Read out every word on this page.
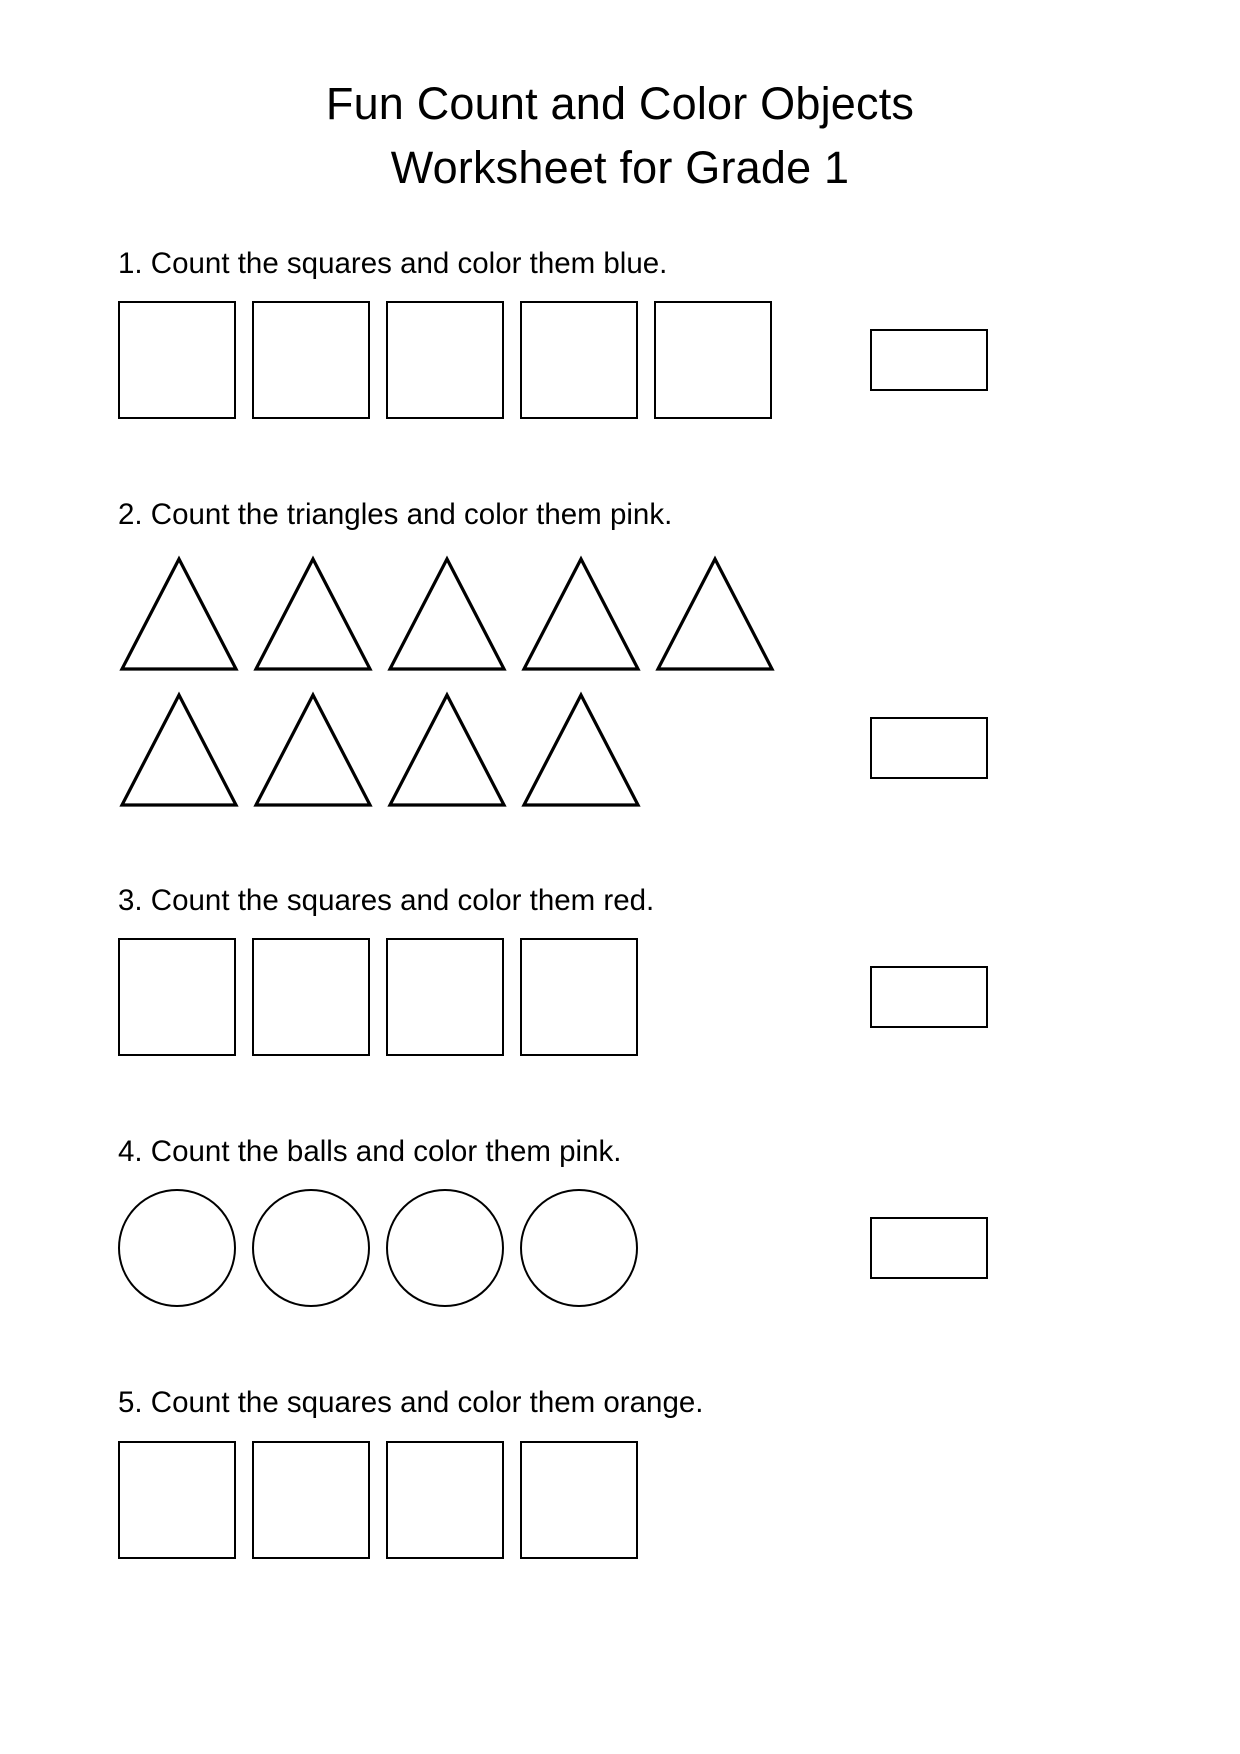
Fun Count and Color Objects
Worksheet for Grade 1

1. Count the squares and color them blue.

2. Count the triangles and color them pink.

3. Count the squares and color them red.

4. Count the balls and color them pink.

5. Count the squares and color them orange.
